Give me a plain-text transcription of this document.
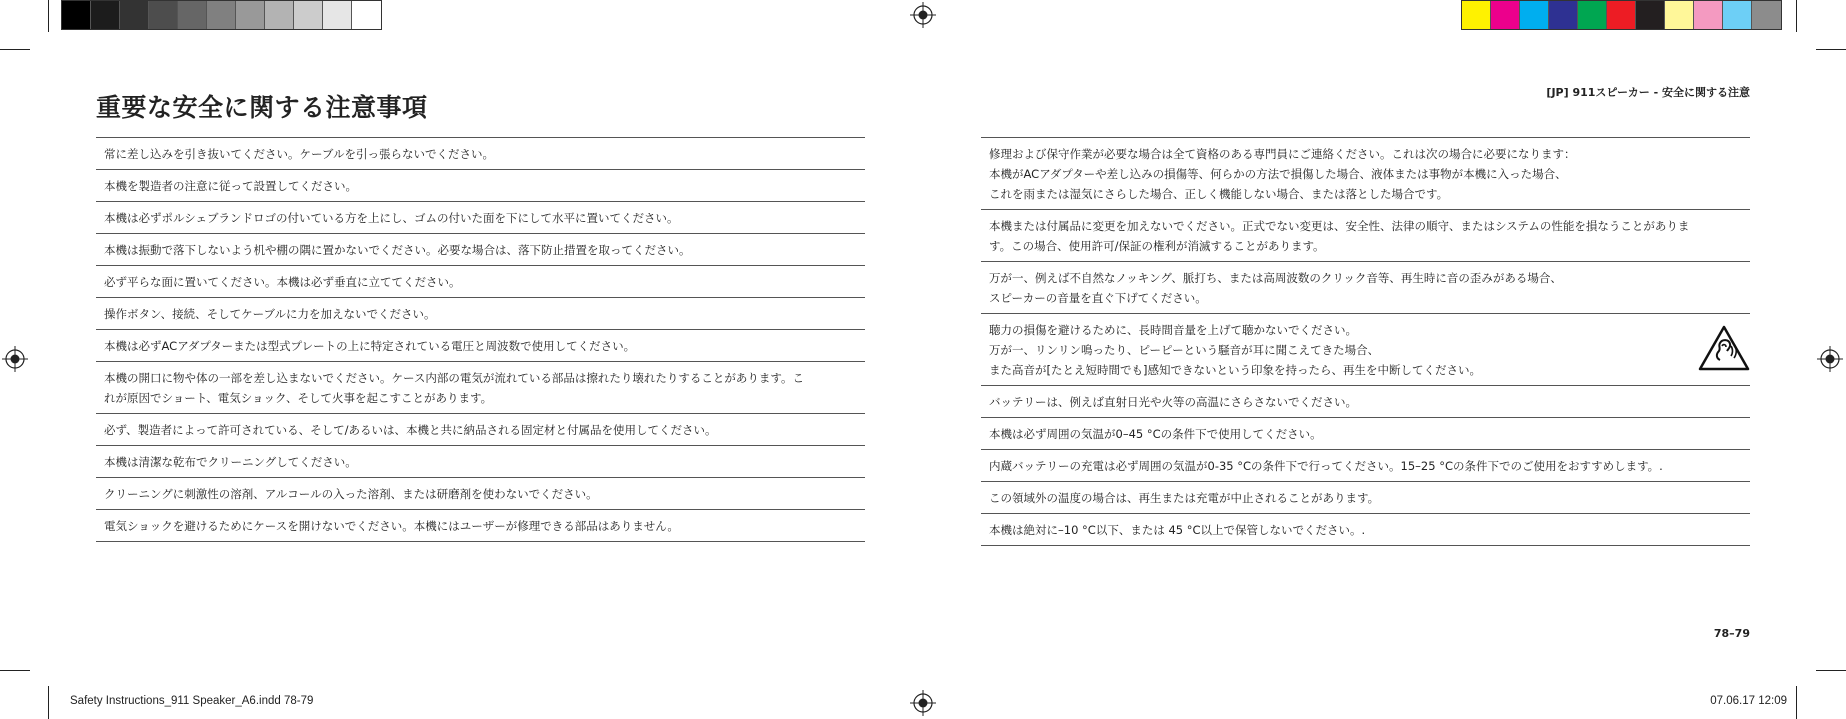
重要な安全に関する注意事項
[JP] 911スピーカー - 安全に関する注意
78–79
常に差し込みを引き抜いてください。ケーブルを引っ張らないでください。
本機を製造者の注意に従って設置してください。
本機は必ずポルシェブランドロゴの付いている方を上にし、ゴムの付いた面を下にして水平に置いてください。
本機は振動で落下しないよう机や棚の隅に置かないでください。必要な場合は、落下防止措置を取ってください。
必ず平らな面に置いてください。本機は必ず垂直に立ててください。
操作ボタン、接続、そしてケーブルに力を加えないでください。
本機は必ずACアダプターまたは型式プレートの上に特定されている電圧と周波数で使用してください。
本機の開口に物や体の一部を差し込まないでください。ケース内部の電気が流れている部品は擦れたり壊れたりすることがあります。こ
れが原因でショート、電気ショック、そして火事を起こすことがあります。
必ず、製造者によって許可されている、そして/あるいは、本機と共に納品される固定材と付属品を使用してください。
本機は清潔な乾布でクリーニングしてください。
クリーニングに刺激性の溶剤、アルコールの入った溶剤、または研磨剤を使わないでください。
電気ショックを避けるためにケースを開けないでください。本機にはユーザーが修理できる部品はありません。
修理および保守作業が必要な場合は全て資格のある専門員にご連絡ください。これは次の場合に必要になります：
本機がACアダプターや差し込みの損傷等、何らかの方法で損傷した場合、液体または事物が本機に入った場合、
これを雨または湿気にさらした場合、正しく機能しない場合、または落とした場合です。
本機または付属品に変更を加えないでください。正式でない変更は、安全性、法律の順守、またはシステムの性能を損なうことがありま
す。この場合、使用許可/保証の権利が消滅することがあります。
万が一、例えば不自然なノッキング、脈打ち、または高周波数のクリック音等、再生時に音の歪みがある場合、
スピーカーの音量を直ぐ下げてください。
聴力の損傷を避けるために、長時間音量を上げて聴かないでください。
万が一、リンリン鳴ったり、ピーピーという騒音が耳に聞こえてきた場合、
また高音が[たとえ短時間でも]感知できないという印象を持ったら、再生を中断してください。
バッテリーは、例えば直射日光や火等の高温にさらさないでください。
本機は必ず周囲の気温が0–45 °Cの条件下で使用してください。
内蔵バッテリーの充電は必ず周囲の気温が0-35 °Cの条件下で行ってください。15–25 °Cの条件下でのご使用をおすすめします。.
この領域外の温度の場合は、再生または充電が中止されることがあります。
本機は絶対に–10 °C以下、または 45 °C以上で保管しないでください。.
Safety Instructions_911 Speaker_A6.indd 78-79	07.06.17 12:09
